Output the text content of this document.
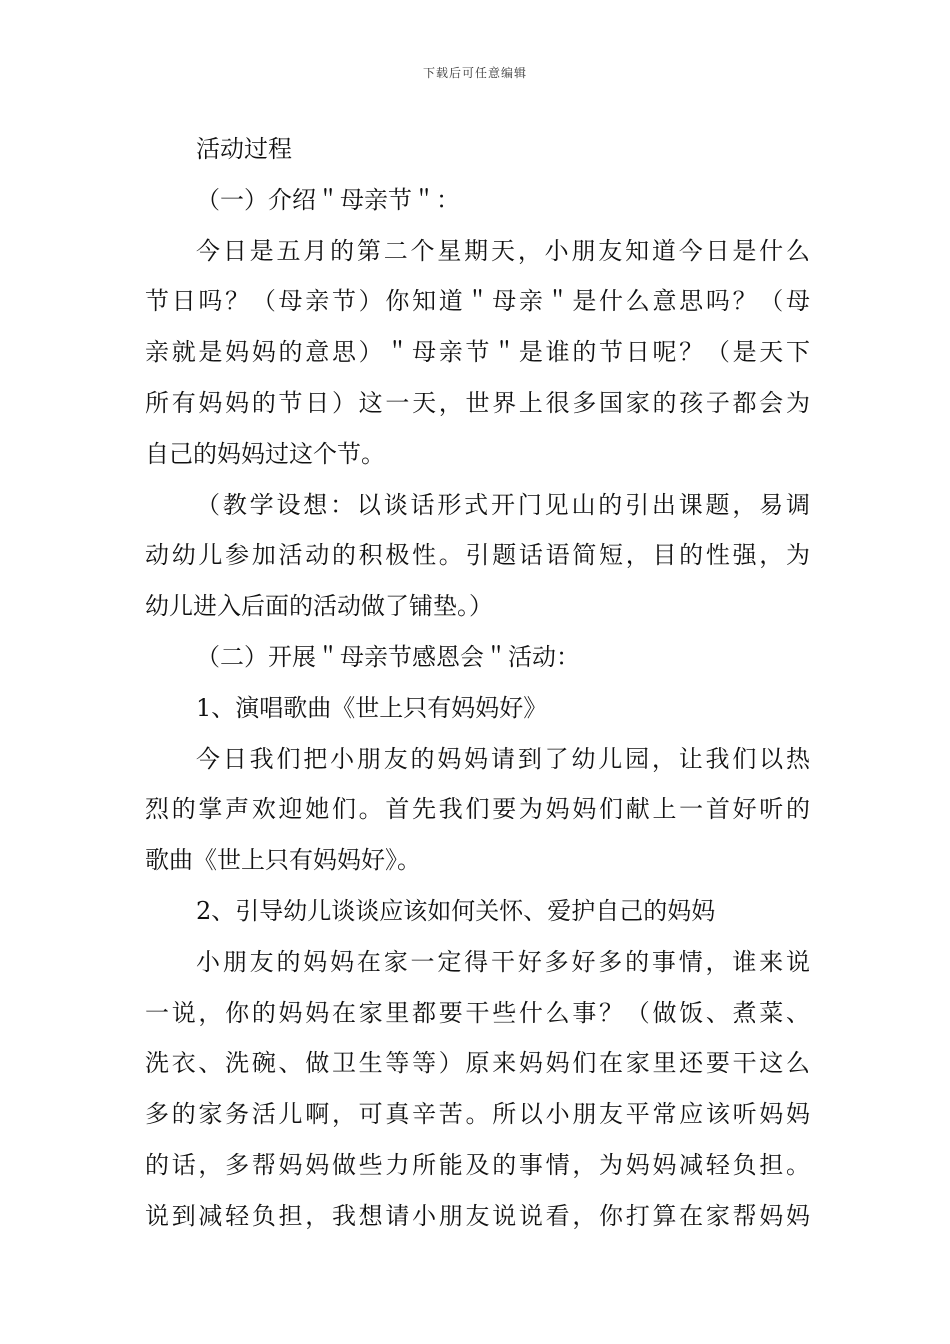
下载后可任意编辑
活动过程
（一）介绍＂母亲节＂：
今日是五月的第二个星期天，小朋友知道今日是什么
节日吗？（母亲节）你知道＂母亲＂是什么意思吗？（母
亲就是妈妈的意思）＂母亲节＂是谁的节日呢？（是天下
所有妈妈的节日）这一天，世界上很多国家的孩子都会为
自己的妈妈过这个节。
（教学设想：以谈话形式开门见山的引出课题，易调
动幼儿参加活动的积极性。引题话语简短，目的性强，为
幼儿进入后面的活动做了铺垫。）
（二）开展＂母亲节感恩会＂活动：
1、演唱歌曲《世上只有妈妈好》
今日我们把小朋友的妈妈请到了幼儿园，让我们以热
烈的掌声欢迎她们。首先我们要为妈妈们献上一首好听的
歌曲《世上只有妈妈好》。
2、引导幼儿谈谈应该如何关怀、爱护自己的妈妈
小朋友的妈妈在家一定得干好多好多的事情，谁来说
一说，你的妈妈在家里都要干些什么事？（做饭、煮菜、
洗衣、洗碗、做卫生等等）原来妈妈们在家里还要干这么
多的家务活儿啊，可真辛苦。所以小朋友平常应该听妈妈
的话，多帮妈妈做些力所能及的事情，为妈妈减轻负担。
说到减轻负担，我想请小朋友说说看，你打算在家帮妈妈
